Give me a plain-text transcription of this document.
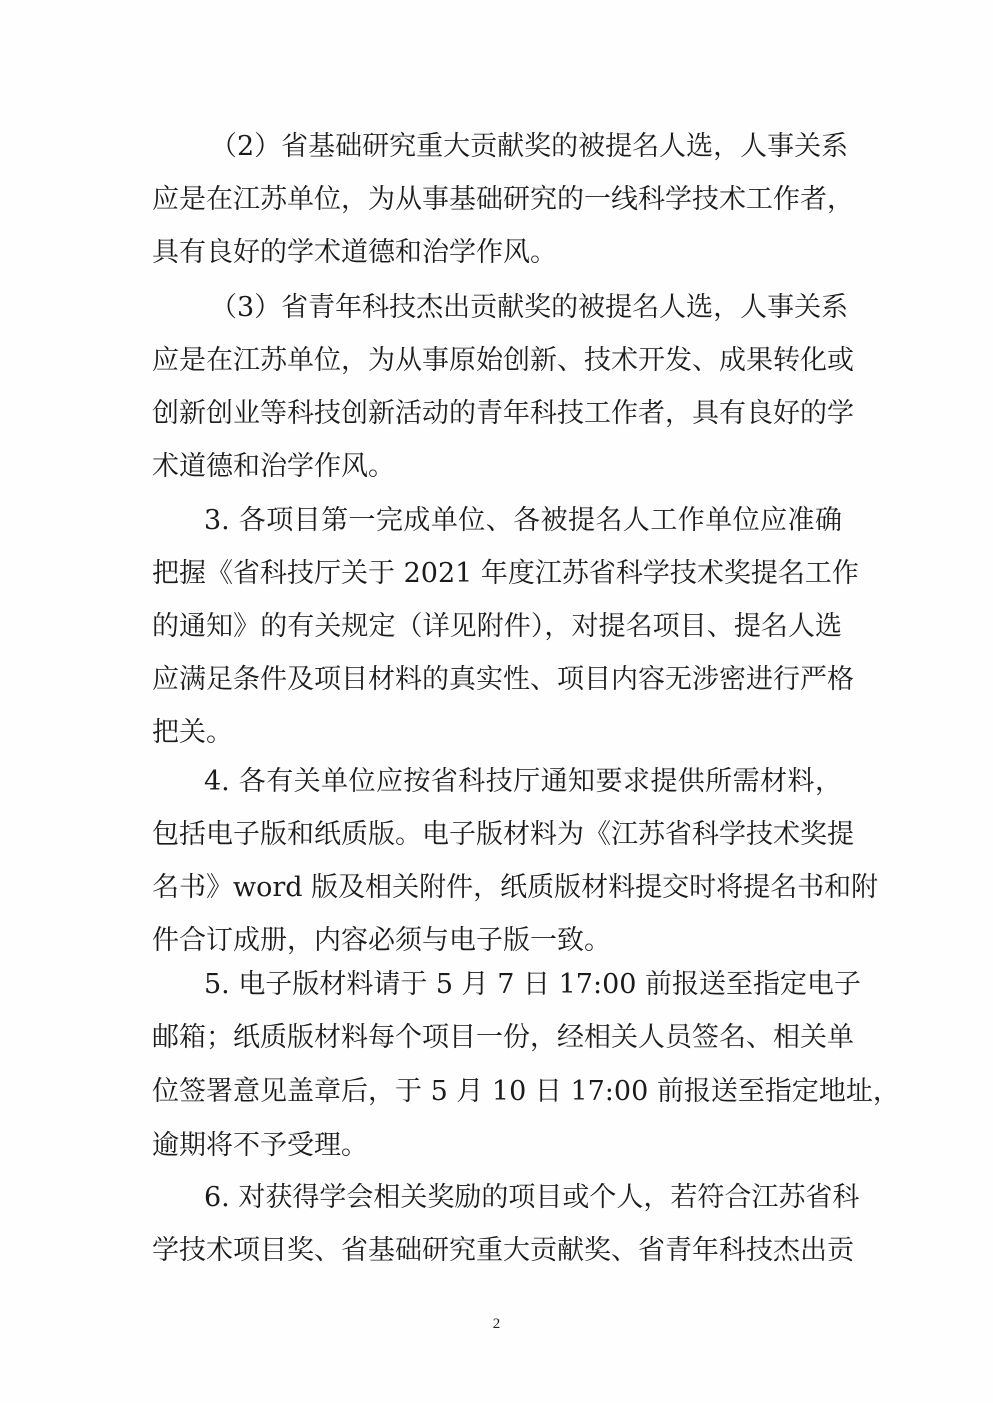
（2）省基础研究重大贡献奖的被提名人选，人事关系
应是在江苏单位，为从事基础研究的一线科学技术工作者，
具有良好的学术道德和治学作风。
（3）省青年科技杰出贡献奖的被提名人选，人事关系
应是在江苏单位，为从事原始创新、技术开发、成果转化或
创新创业等科技创新活动的青年科技工作者，具有良好的学
术道德和治学作风。
3. 各项目第一完成单位、各被提名人工作单位应准确
把握《省科技厅关于 2021 年度江苏省科学技术奖提名工作
的通知》的有关规定（详见附件），对提名项目、提名人选
应满足条件及项目材料的真实性、项目内容无涉密进行严格
把关。
4. 各有关单位应按省科技厅通知要求提供所需材料，
包括电子版和纸质版。电子版材料为《江苏省科学技术奖提
名书》word 版及相关附件，纸质版材料提交时将提名书和附
件合订成册，内容必须与电子版一致。
5. 电子版材料请于 5 月 7 日 17:00 前报送至指定电子
邮箱；纸质版材料每个项目一份，经相关人员签名、相关单
位签署意见盖章后，于 5 月 10 日 17:00 前报送至指定地址，
逾期将不予受理。
6. 对获得学会相关奖励的项目或个人，若符合江苏省科
学技术项目奖、省基础研究重大贡献奖、省青年科技杰出贡
2
